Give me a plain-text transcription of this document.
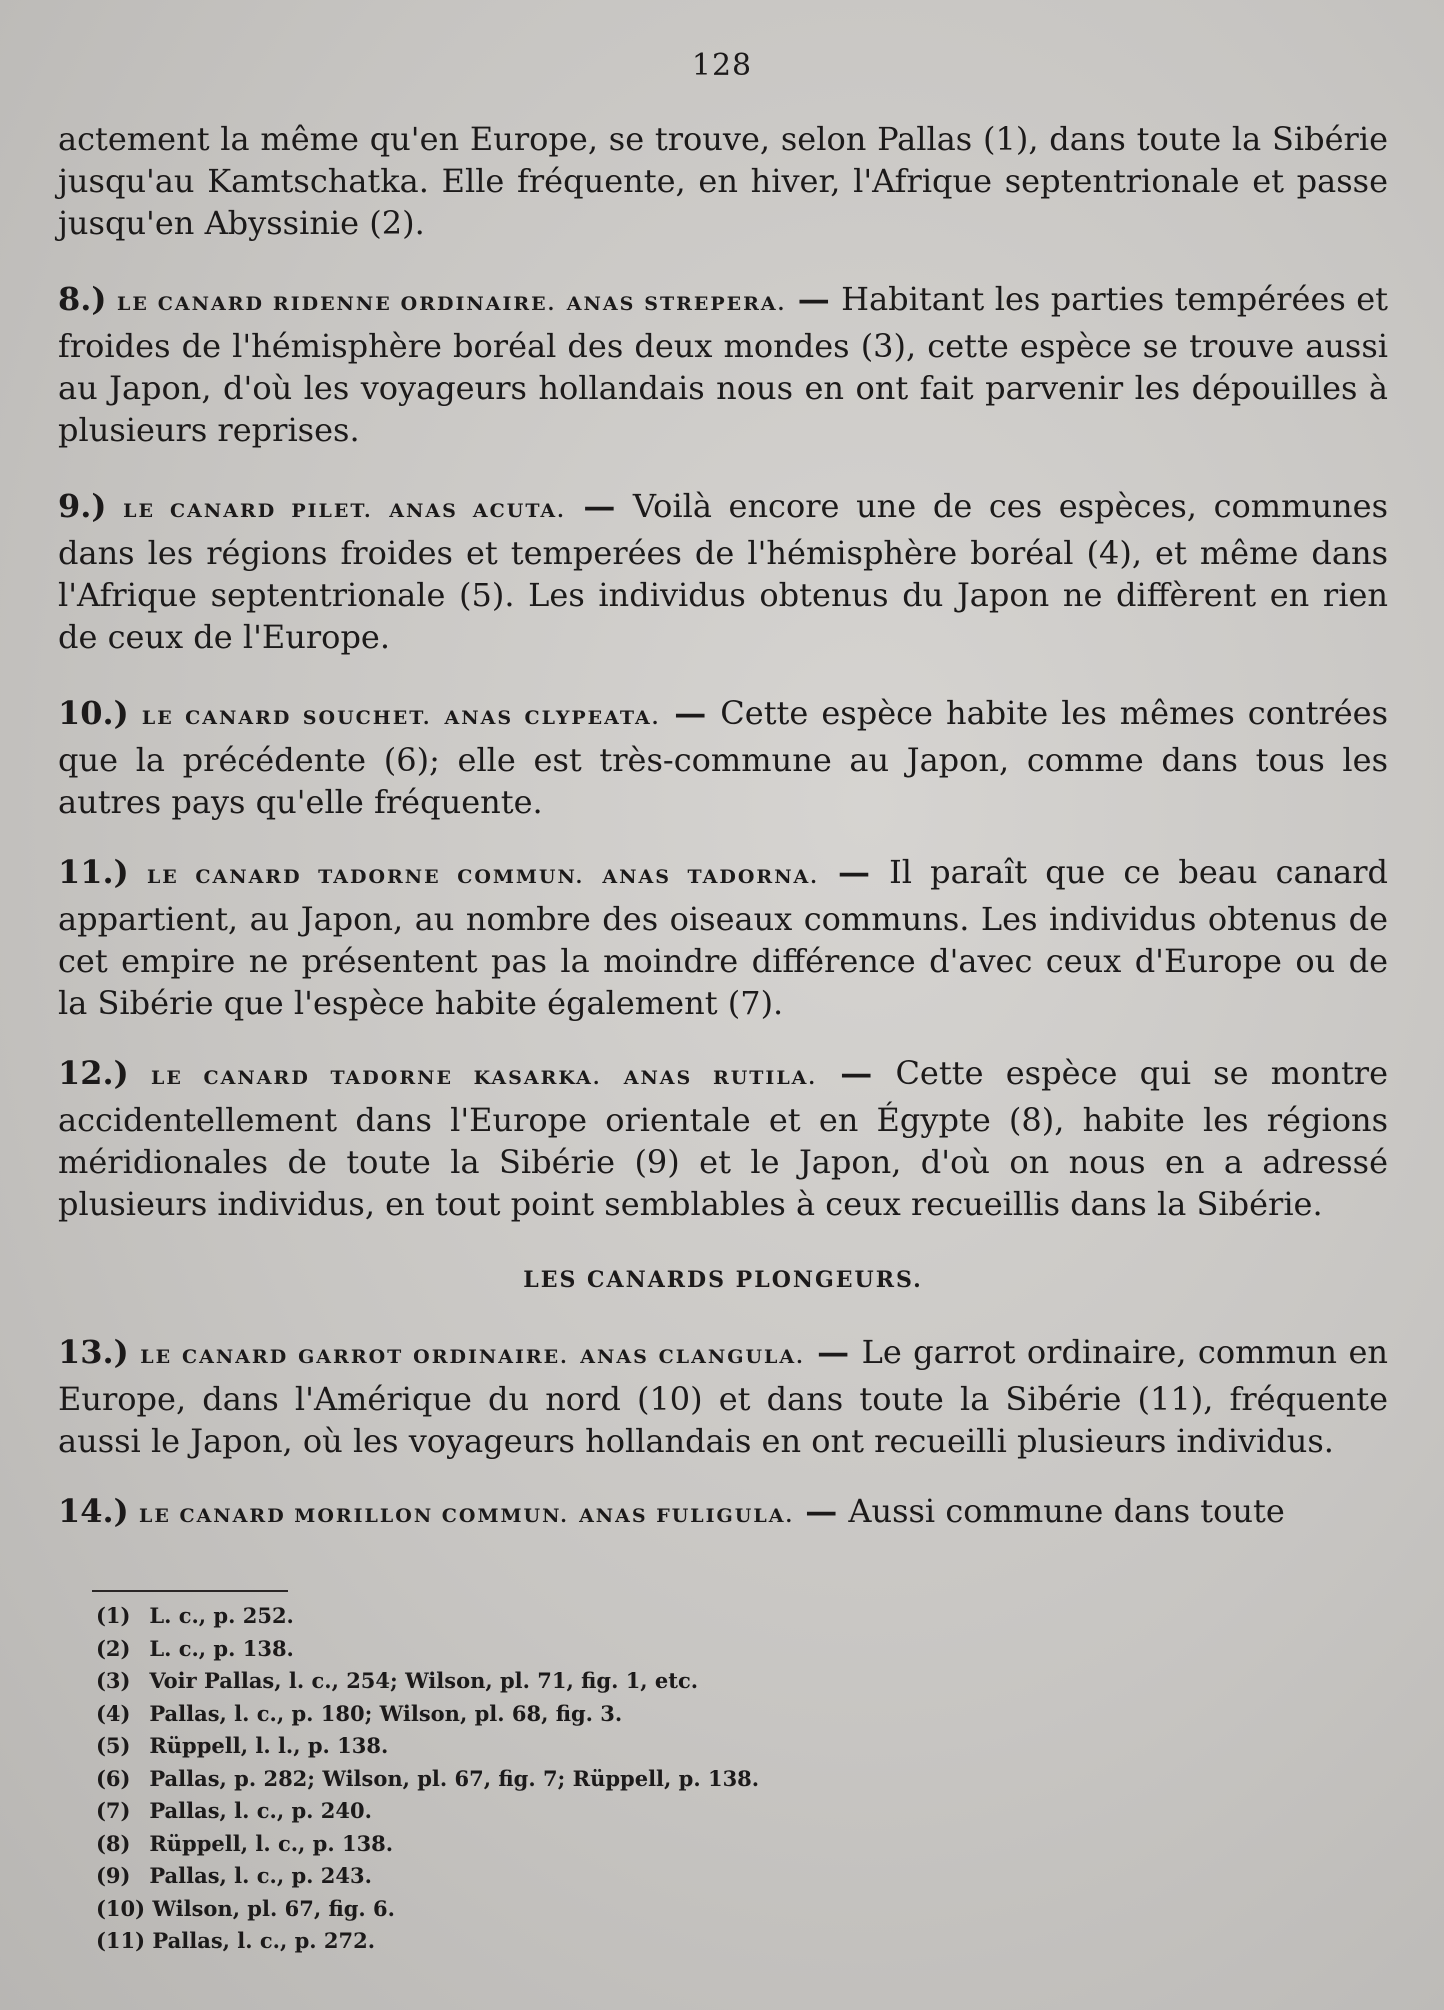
128

actement la même qu'en Europe, se trouve, selon Pallas (1), dans toute la Sibérie jusqu'au Kamtschatka. Elle fréquente, en hiver, l'Afrique septentrionale et passe jusqu'en Abyssinie (2).

8.) LE CANARD RIDENNE ORDINAIRE. ANAS STREPERA. — Habitant les parties tempérées et froides de l'hémisphère boréal des deux mondes (3), cette espèce se trouve aussi au Japon, d'où les voyageurs hollandais nous en ont fait parvenir les dépouilles à plusieurs reprises.

9.) LE CANARD PILET. ANAS ACUTA. — Voilà encore une de ces espèces, communes dans les régions froides et temperées de l'hémisphère boréal (4), et même dans l'Afrique septentrionale (5). Les individus obtenus du Japon ne diffèrent en rien de ceux de l'Europe.

10.) LE CANARD SOUCHET. ANAS CLYPEATA. — Cette espèce habite les mêmes contrées que la précédente (6); elle est très-commune au Japon, comme dans tous les autres pays qu'elle fréquente.

11.) LE CANARD TADORNE COMMUN. ANAS TADORNA. — Il paraît que ce beau canard appartient, au Japon, au nombre des oiseaux communs. Les individus obtenus de cet empire ne présentent pas la moindre différence d'avec ceux d'Europe ou de la Sibérie que l'espèce habite également (7).

12.) LE CANARD TADORNE KASARKA. ANAS RUTILA. — Cette espèce qui se montre accidentellement dans l'Europe orientale et en Égypte (8), habite les régions méridionales de toute la Sibérie (9) et le Japon, d'où on nous en a adressé plusieurs individus, en tout point semblables à ceux recueillis dans la Sibérie.

LES CANARDS PLONGEURS.

13.) LE CANARD GARROT ORDINAIRE. ANAS CLANGULA. — Le garrot ordinaire, commun en Europe, dans l'Amérique du nord (10) et dans toute la Sibérie (11), fréquente aussi le Japon, où les voyageurs hollandais en ont recueilli plusieurs individus.

14.) LE CANARD MORILLON COMMUN. ANAS FULIGULA. — Aussi commune dans toute

(1) L. c., p. 252.
(2) L. c., p. 138.
(3) Voir Pallas, l. c., 254; Wilson, pl. 71, fig. 1, etc.
(4) Pallas, l. c., p. 180; Wilson, pl. 68, fig. 3.
(5) Rüppell, l. l., p. 138.
(6) Pallas, p. 282; Wilson, pl. 67, fig. 7; Rüppell, p. 138.
(7) Pallas, l. c., p. 240.
(8) Rüppell, l. c., p. 138.
(9) Pallas, l. c., p. 243.
(10) Wilson, pl. 67, fig. 6.
(11) Pallas, l. c., p. 272.
